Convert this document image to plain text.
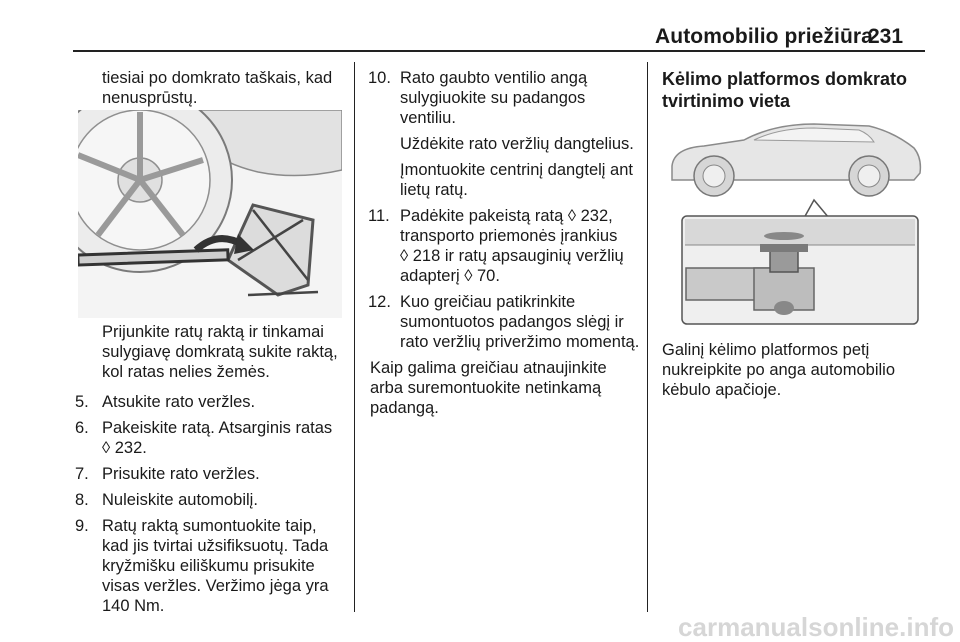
Automobilio priežiūra
231

tiesiai po domkrato taškais, kad nenusprūstų.

Prijunkite ratų raktą ir tinkamai sulygiavę domkratą sukite raktą, kol ratas nelies žemės.

5. Atsukite rato veržles.
6. Pakeiskite ratą. Atsarginis ratas
◊ 232.
7. Prisukite rato veržles.
8. Nuleiskite automobilį.
9. Ratų raktą sumontuokite taip, kad jis tvirtai užsifiksuotų. Tada kryžmišku eiliškumu prisukite visas veržles. Veržimo jėga yra 140 Nm.
10. Rato gaubto ventilio angą sulygiuokite su padangos ventiliu.

Uždėkite rato veržlių dangtelius.

Įmontuokite centrinį dangtelį ant lietų ratų.

11. Padėkite pakeistą ratą ◊ 232,
transporto priemonės įrankius
◊ 218 ir ratų apsauginių veržlių adapterį ◊ 70.
12. Kuo greičiau patikrinkite sumontuotos padangos slėgį ir rato veržlių priveržimo momentą.

Kaip galima greičiau atnaujinkite arba suremontuokite netinkamą padangą.

Kėlimo platformos domkrato tvirtinimo vieta

Galinį kėlimo platformos petį nukreipkite po anga automobilio kėbulo apačioje.

carmanualsonline.info
